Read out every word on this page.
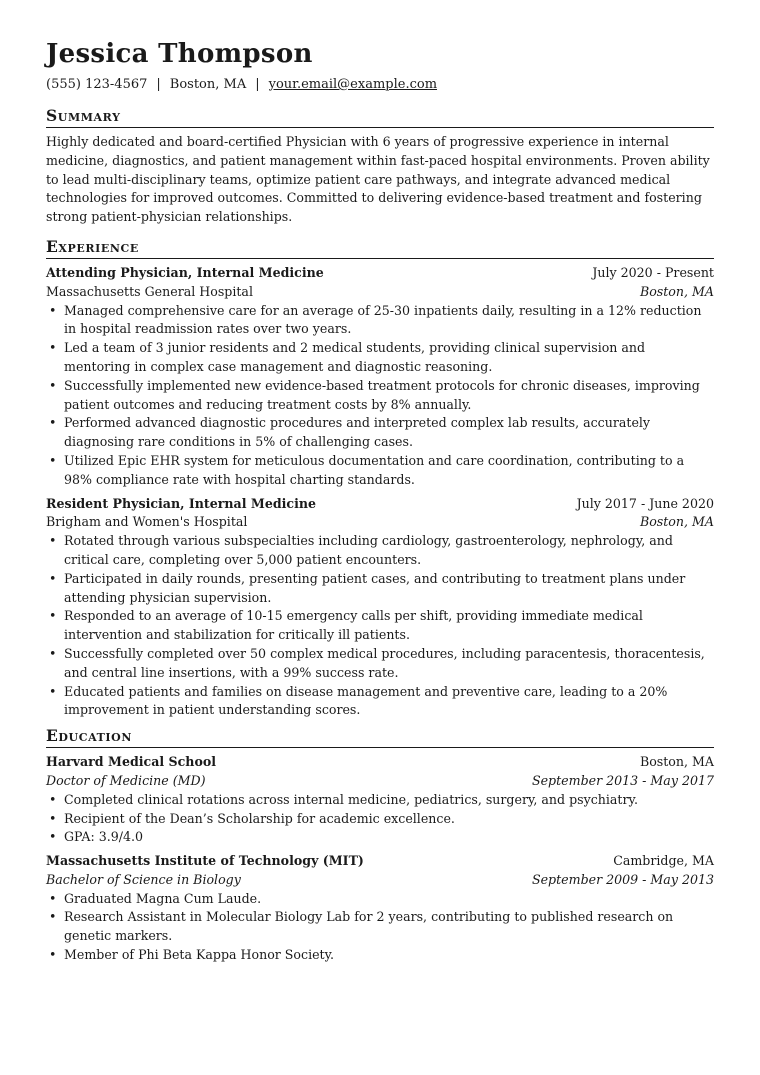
Jessica Thompson
(555) 123-4567 | Boston, MA | your.email@example.com
Summary
Highly dedicated and board-certified Physician with 6 years of progressive experience in internal medicine, diagnostics, and patient management within fast-paced hospital environments. Proven ability to lead multi-disciplinary teams, optimize patient care pathways, and integrate advanced medical technologies for improved outcomes. Committed to delivering evidence-based treatment and fostering strong patient-physician relationships.
Experience
Attending Physician, Internal Medicine	July 2020 - Present
Massachusetts General Hospital	Boston, MA
• Managed comprehensive care for an average of 25-30 inpatients daily, resulting in a 12% reduction in hospital readmission rates over two years.
• Led a team of 3 junior residents and 2 medical students, providing clinical supervision and mentoring in complex case management and diagnostic reasoning.
• Successfully implemented new evidence-based treatment protocols for chronic diseases, improving patient outcomes and reducing treatment costs by 8% annually.
• Performed advanced diagnostic procedures and interpreted complex lab results, accurately diagnosing rare conditions in 5% of challenging cases.
• Utilized Epic EHR system for meticulous documentation and care coordination, contributing to a 98% compliance rate with hospital charting standards.
Resident Physician, Internal Medicine	July 2017 - June 2020
Brigham and Women's Hospital	Boston, MA
• Rotated through various subspecialties including cardiology, gastroenterology, nephrology, and critical care, completing over 5,000 patient encounters.
• Participated in daily rounds, presenting patient cases, and contributing to treatment plans under attending physician supervision.
• Responded to an average of 10-15 emergency calls per shift, providing immediate medical intervention and stabilization for critically ill patients.
• Successfully completed over 50 complex medical procedures, including paracentesis, thoracentesis, and central line insertions, with a 99% success rate.
• Educated patients and families on disease management and preventive care, leading to a 20% improvement in patient understanding scores.
Education
Harvard Medical School	Boston, MA
Doctor of Medicine (MD)	September 2013 - May 2017
• Completed clinical rotations across internal medicine, pediatrics, surgery, and psychiatry.
• Recipient of the Dean’s Scholarship for academic excellence.
• GPA: 3.9/4.0
Massachusetts Institute of Technology (MIT)	Cambridge, MA
Bachelor of Science in Biology	September 2009 - May 2013
• Graduated Magna Cum Laude.
• Research Assistant in Molecular Biology Lab for 2 years, contributing to published research on genetic markers.
• Member of Phi Beta Kappa Honor Society.
